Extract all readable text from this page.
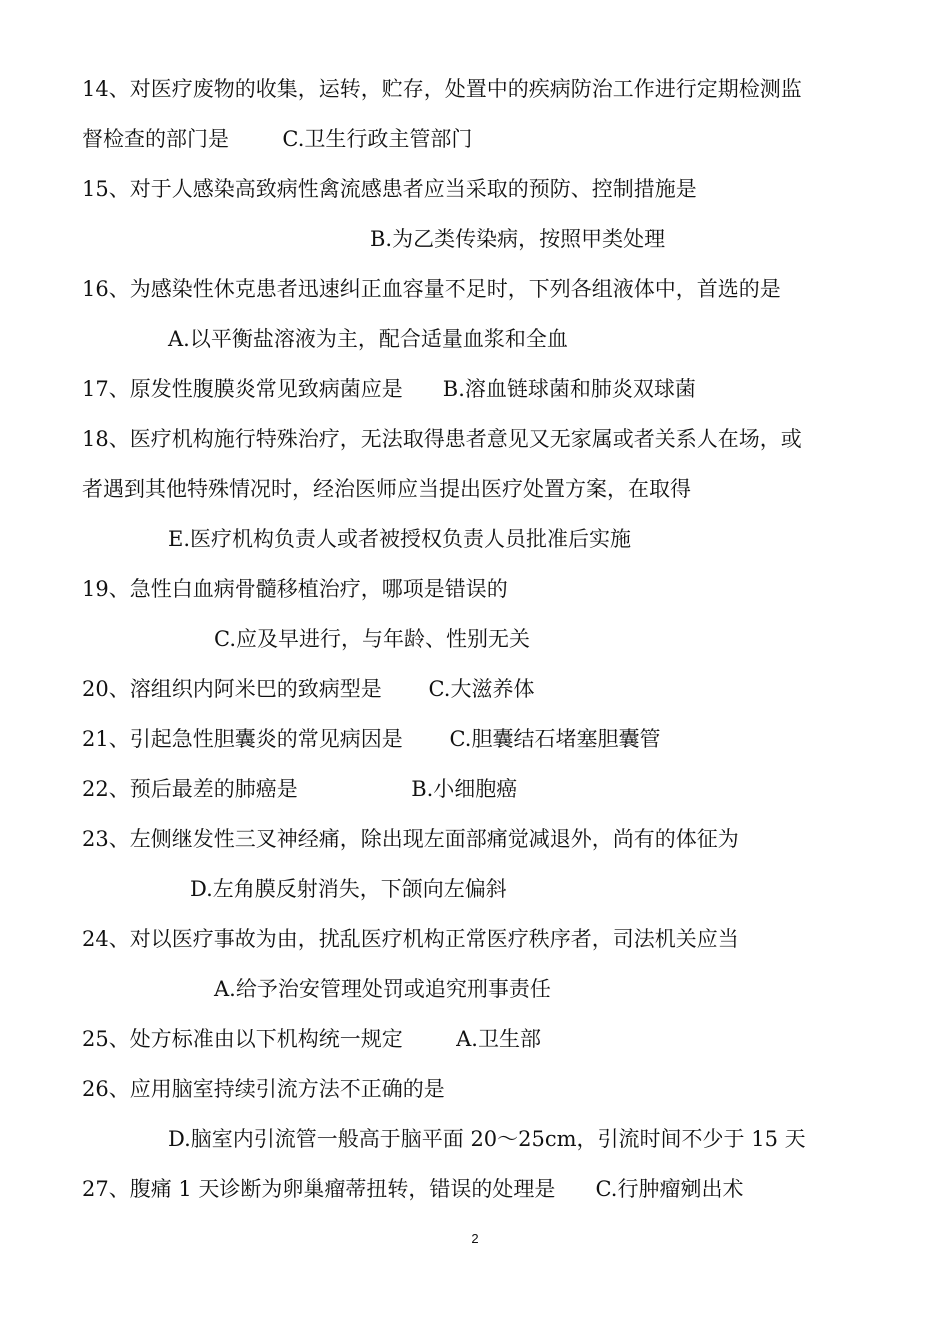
14、对医疗废物的收集，运转，贮存，处置中的疾病防治工作进行定期检测监
督检查的部门是        C.卫生行政主管部门
15、对于人感染高致病性禽流感患者应当采取的预防、控制措施是
B.为乙类传染病，按照甲类处理
16、为感染性休克患者迅速纠正血容量不足时，下列各组液体中，首选的是
A.以平衡盐溶液为主，配合适量血浆和全血
17、原发性腹膜炎常见致病菌应是      B.溶血链球菌和肺炎双球菌
18、医疗机构施行特殊治疗，无法取得患者意见又无家属或者关系人在场，或
者遇到其他特殊情况时，经治医师应当提出医疗处置方案，在取得
E.医疗机构负责人或者被授权负责人员批准后实施
19、急性白血病骨髓移植治疗，哪项是错误的
C.应及早进行，与年龄、性别无关
20、溶组织内阿米巴的致病型是       C.大滋养体
21、引起急性胆囊炎的常见病因是       C.胆囊结石堵塞胆囊管
22、预后最差的肺癌是                 B.小细胞癌
23、左侧继发性三叉神经痛，除出现左面部痛觉减退外，尚有的体征为
D.左角膜反射消失，下颌向左偏斜
24、对以医疗事故为由，扰乱医疗机构正常医疗秩序者，司法机关应当
A.给予治安管理处罚或追究刑事责任
25、处方标准由以下机构统一规定        A.卫生部
26、应用脑室持续引流方法不正确的是
D.脑室内引流管一般高于脑平面 20～25cm，引流时间不少于 15 天
27、腹痛 1 天诊断为卵巢瘤蒂扭转，错误的处理是      C.行肿瘤剜出术
2
